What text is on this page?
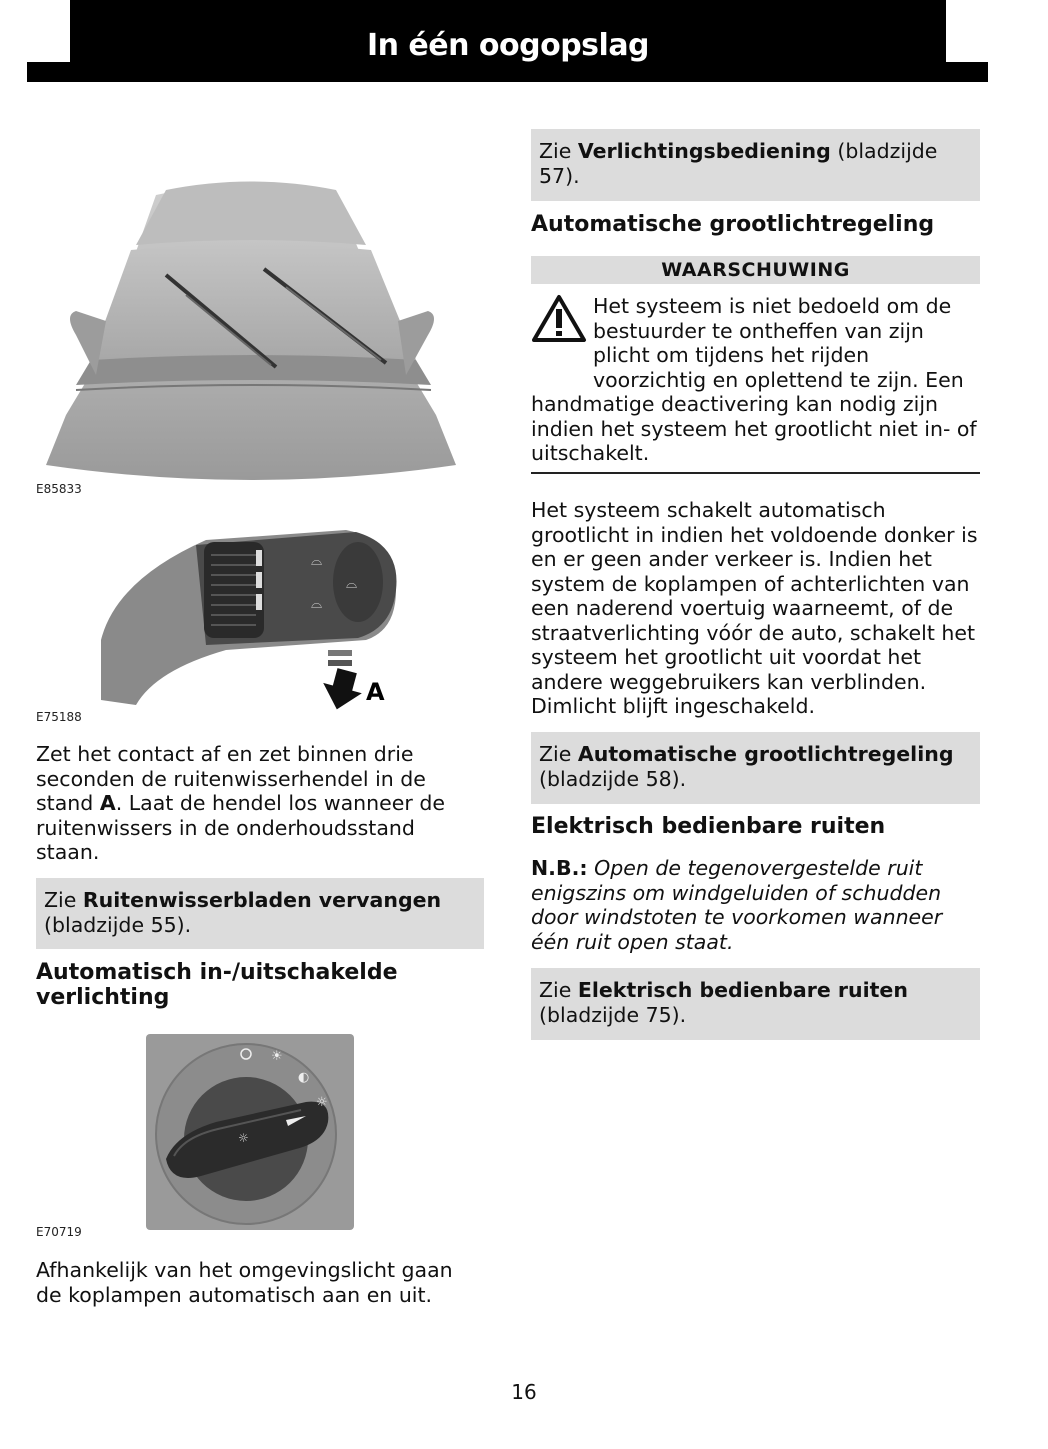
In één oogopslag
E85833
⌓
⌓
⌓
A
E75188

Zet het contact af en zet binnen drie seconden de ruitenwisserhendel in de stand A. Laat de hendel los wanneer de ruitenwissers in de onderhoudsstand staan.

Zie Ruitenwisserbladen vervangen (bladzijde 55).
Automatisch in-/uitschakelde verlichting
☀
◐
☼
☼
E70719

Afhankelijk van het omgevingslicht gaan de koplampen automatisch aan en uit.

Zie Verlichtingsbediening (bladzijde 57).
Automatische grootlichtregeling
WAARSCHUWING
Het systeem is niet bedoeld om de bestuurder te ontheffen van zijn plicht om tijdens het rijden voorzichtig en oplettend te zijn. Een handmatige deactivering kan nodig zijn indien het systeem het grootlicht niet in- of uitschakelt.

Het systeem schakelt automatisch grootlicht in indien het voldoende donker is en er geen ander verkeer is. Indien het system de koplampen of achterlichten van een naderend voertuig waarneemt, of de straatverlichting vóór de auto, schakelt het systeem het grootlicht uit voordat het andere weggebruikers kan verblinden. Dimlicht blijft ingeschakeld.

Zie Automatische grootlichtregeling (bladzijde 58).
Elektrisch bedienbare ruiten

N.B.: Open de tegenovergestelde ruit enigszins om windgeluiden of schudden door windstoten te voorkomen wanneer één ruit open staat.

Zie Elektrisch bedienbare ruiten (bladzijde 75).
16
